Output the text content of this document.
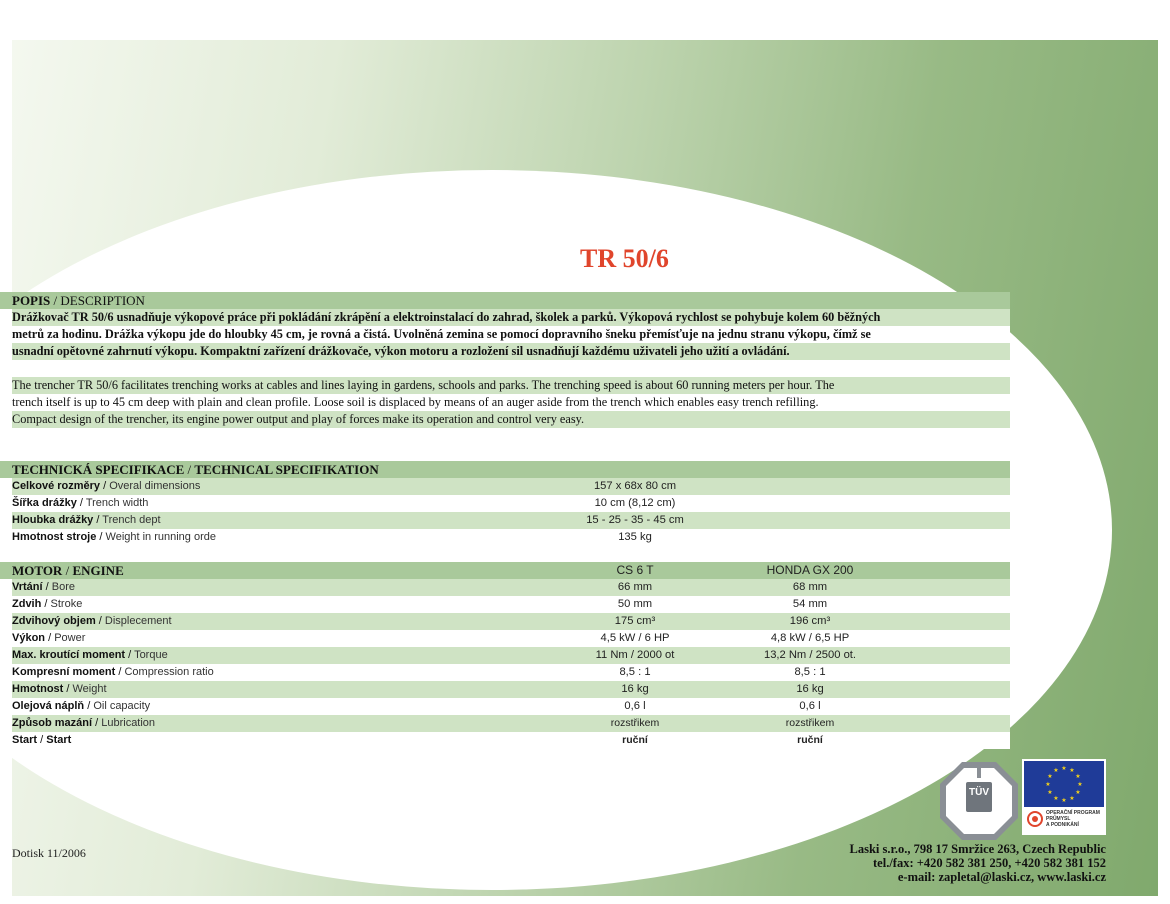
TR 50/6
POPIS / DESCRIPTION

Drážkovač TR 50/6 usnadňuje výkopové práce při pokládání zkrápění a elektroinstalací do zahrad, školek a parků. Výkopová rychlost se pohybuje kolem 60 běžných

metrů za hodinu. Drážka výkopu jde do hloubky 45 cm, je rovná a čistá. Uvolněná zemina se pomocí dopravního šneku přemísťuje na jednu stranu výkopu, čímž se

usnadní opětovné zahrnutí výkopu. Kompaktní zařízení drážkovače, výkon motoru a rozložení sil usnadňují každému uživateli jeho užití a ovládání.

The trencher TR 50/6 facilitates trenching works at cables and lines laying in gardens, schools and parks. The trenching speed is about 60 running meters per hour. The

trench itself is up to 45 cm deep with plain and clean profile. Loose soil is displaced by means of an auger aside from the trench which enables easy trench refilling.

Compact design of the trencher, its engine power output and play of forces make its operation and control very easy.

TECHNICKÁ SPECIFIKACE / TECHNICAL SPECIFIKATION
Celkové rozměry / Overal dimensions	157 x 68x 80 cm
Šířka drážky / Trench width	10 cm (8,12 cm)
Hloubka drážky / Trench dept	15 - 25 - 35 - 45 cm
Hmotnost stroje / Weight in running orde	135 kg
MOTOR / ENGINE	CS 6 T	HONDA GX 200
Vrtání / Bore	66 mm	68 mm
Zdvih / Stroke	50 mm	54 mm
Zdvihový objem / Displecement	175 cm³	196 cm³
Výkon / Power	4,5 kW / 6 HP	4,8 kW / 6,5 HP
Max. kroutící moment / Torque	11 Nm / 2000 ot	13,2 Nm / 2500 ot.
Kompresní moment / Compression ratio	8,5 : 1	8,5 : 1
Hmotnost / Weight	16 kg	16 kg
Olejová náplň / Oil capacity	0,6 l	0,6 l
Způsob mazání / Lubrication	rozstřikem	rozstřikem
Start / Start	ruční	ruční
TÜV
★ ★
★
★
★
★
★
★
★
★
★
★
OPERAČNÍ PROGRAM
PRŮMYSL
A PODNIKÁNÍ
Dotisk 11/2006	Laski s.r.o., 798 17 Smržice 263, Czech Republic
tel./fax: +420 582 381 250, +420 582 381 152
e-mail: zapletal@laski.cz, www.laski.cz
